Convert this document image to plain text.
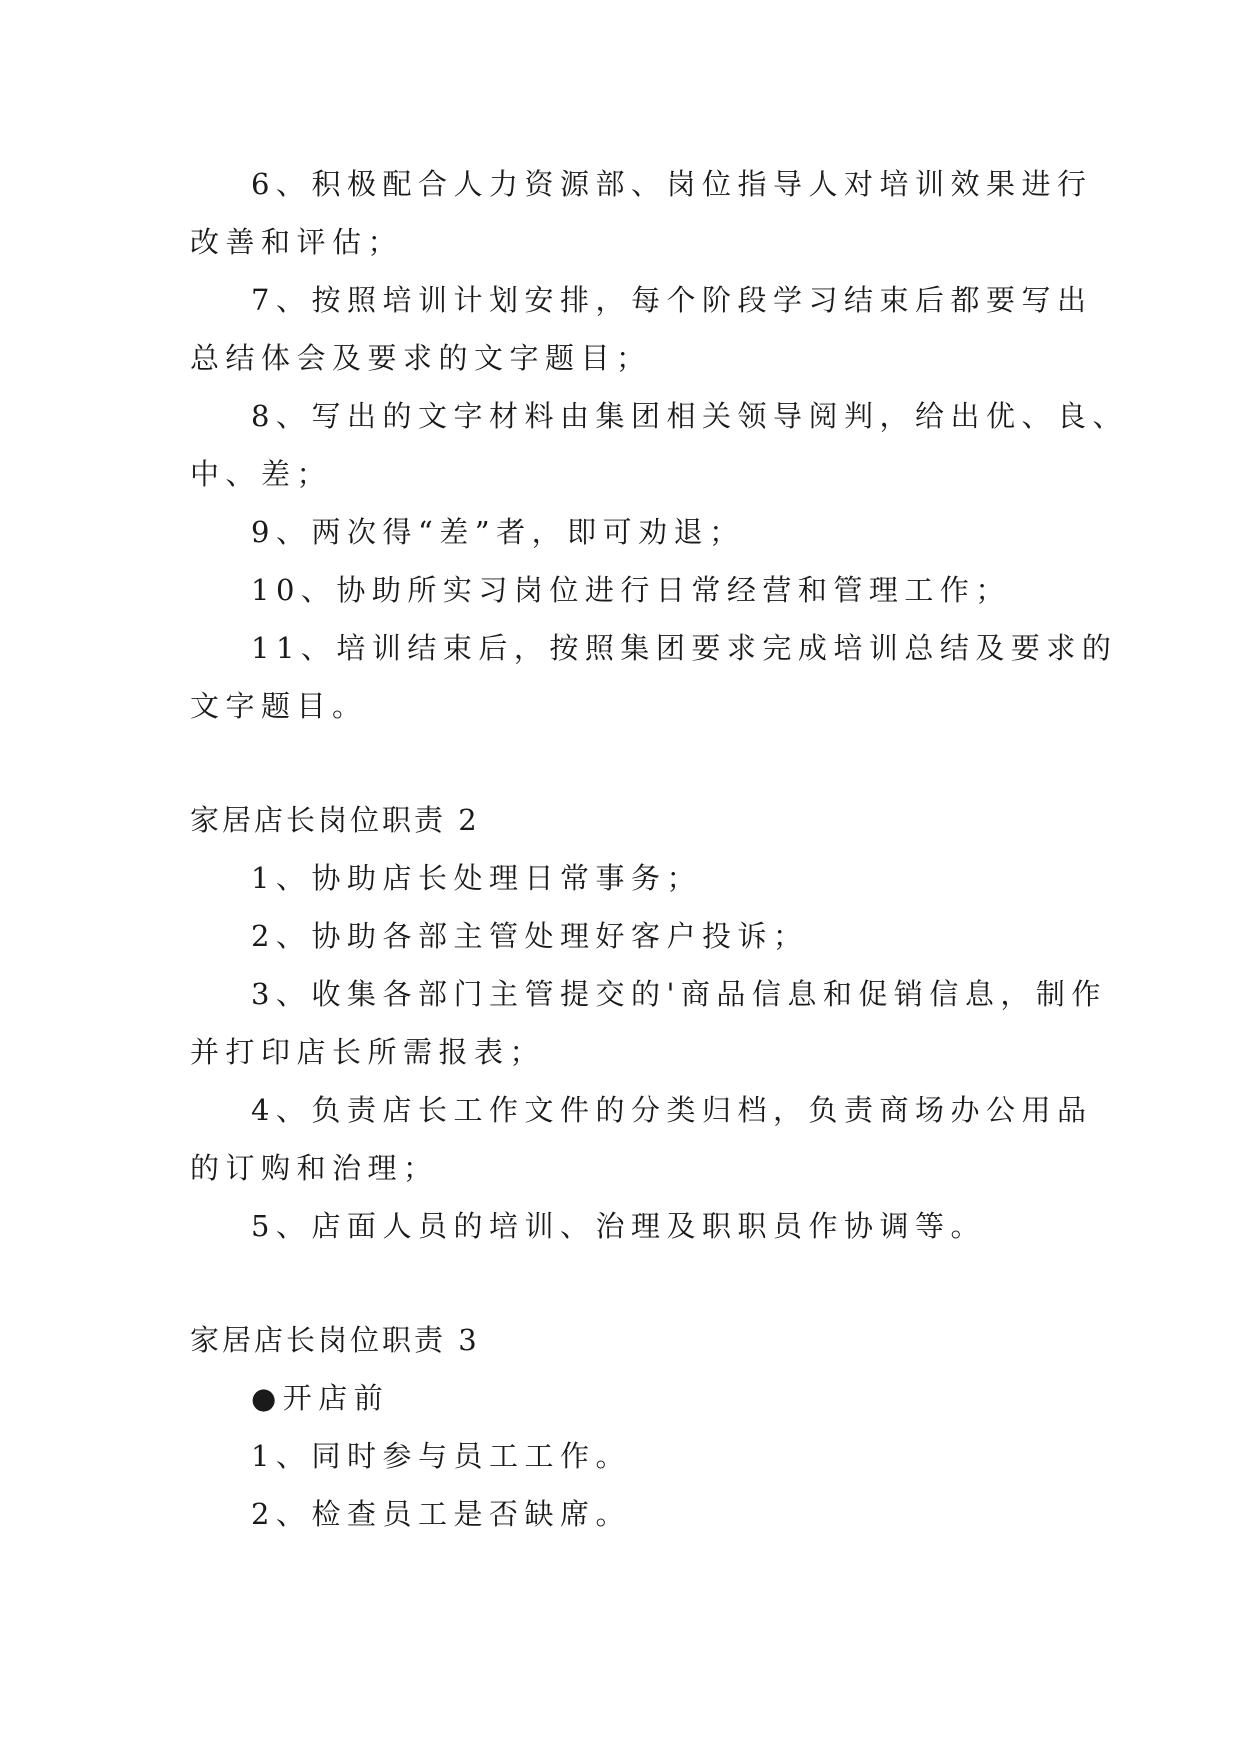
6、积极配合人力资源部、岗位指导人对培训效果进行
改善和评估；
7、按照培训计划安排，每个阶段学习结束后都要写出
总结体会及要求的文字题目；
8、写出的文字材料由集团相关领导阅判，给出优、良、
中、差；
9、两次得“差”者，即可劝退；
10、协助所实习岗位进行日常经营和管理工作；
11、培训结束后，按照集团要求完成培训总结及要求的
文字题目。
家居店长岗位职责 2
1、协助店长处理日常事务；
2、协助各部主管处理好客户投诉；
3、收集各部门主管提交的'商品信息和促销信息，制作
并打印店长所需报表；
4、负责店长工作文件的分类归档，负责商场办公用品
的订购和治理；
5、店面人员的培训、治理及职职员作协调等。
家居店长岗位职责 3
●开店前
1、同时参与员工工作。
2、检查员工是否缺席。
